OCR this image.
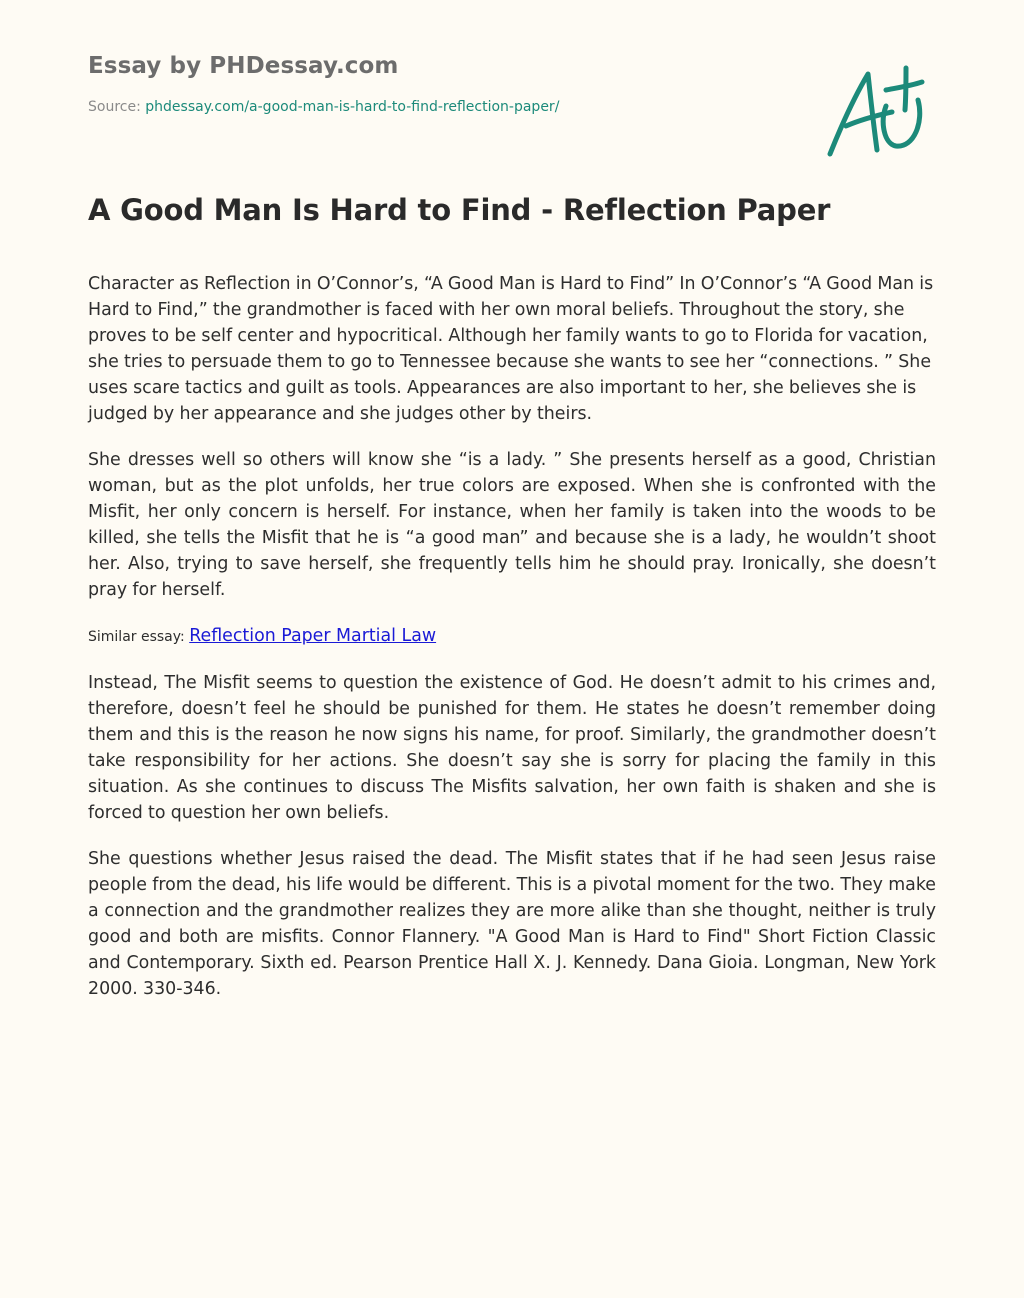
Essay by PHDessay.com
Source: phdessay.com/a-good-man-is-hard-to-find-reflection-paper/
A Good Man Is Hard to Find - Reflection Paper

Character as Reflection in O’Connor’s, “A Good Man is Hard to Find” In O’Connor’s “A Good Man is Hard to Find,” the grandmother is faced with her own moral beliefs. Throughout the story, she proves to be self center and hypocritical. Although her family wants to go to Florida for vacation, she tries to persuade them to go to Tennessee because she wants to see her “connections. ” She uses scare tactics and guilt as tools. Appearances are also important to her, she believes she is judged by her appearance and she judges other by theirs.

She dresses well so others will know she “is a lady. ” She presents herself as a good, Christian woman, but as the plot unfolds, her true colors are exposed. When she is confronted with the Misfit, her only concern is herself. For instance, when her family is taken into the woods to be killed, she tells the Misfit that he is “a good man” and because she is a lady, he wouldn’t shoot her. Also, trying to save herself, she frequently tells him he should pray. Ironically, she doesn’t pray for herself.

Similar essay: Reflection Paper Martial Law

Instead, The Misfit seems to question the existence of God. He doesn’t admit to his crimes and, therefore, doesn’t feel he should be punished for them. He states he doesn’t remember doing them and this is the reason he now signs his name, for proof. Similarly, the grandmother doesn’t take responsibility for her actions. She doesn’t say she is sorry for placing the family in this situation. As she continues to discuss The Misfits salvation, her own faith is shaken and she is forced to question her own beliefs.

She questions whether Jesus raised the dead. The Misfit states that if he had seen Jesus raise people from the dead, his life would be different. This is a pivotal moment for the two. They make a connection and the grandmother realizes they are more alike than she thought, neither is truly good and both are misfits. Connor Flannery. "A Good Man is Hard to Find" Short Fiction Classic and Contemporary. Sixth ed. Pearson Prentice Hall X. J. Kennedy. Dana Gioia. Longman, New York 2000. 330-346.
